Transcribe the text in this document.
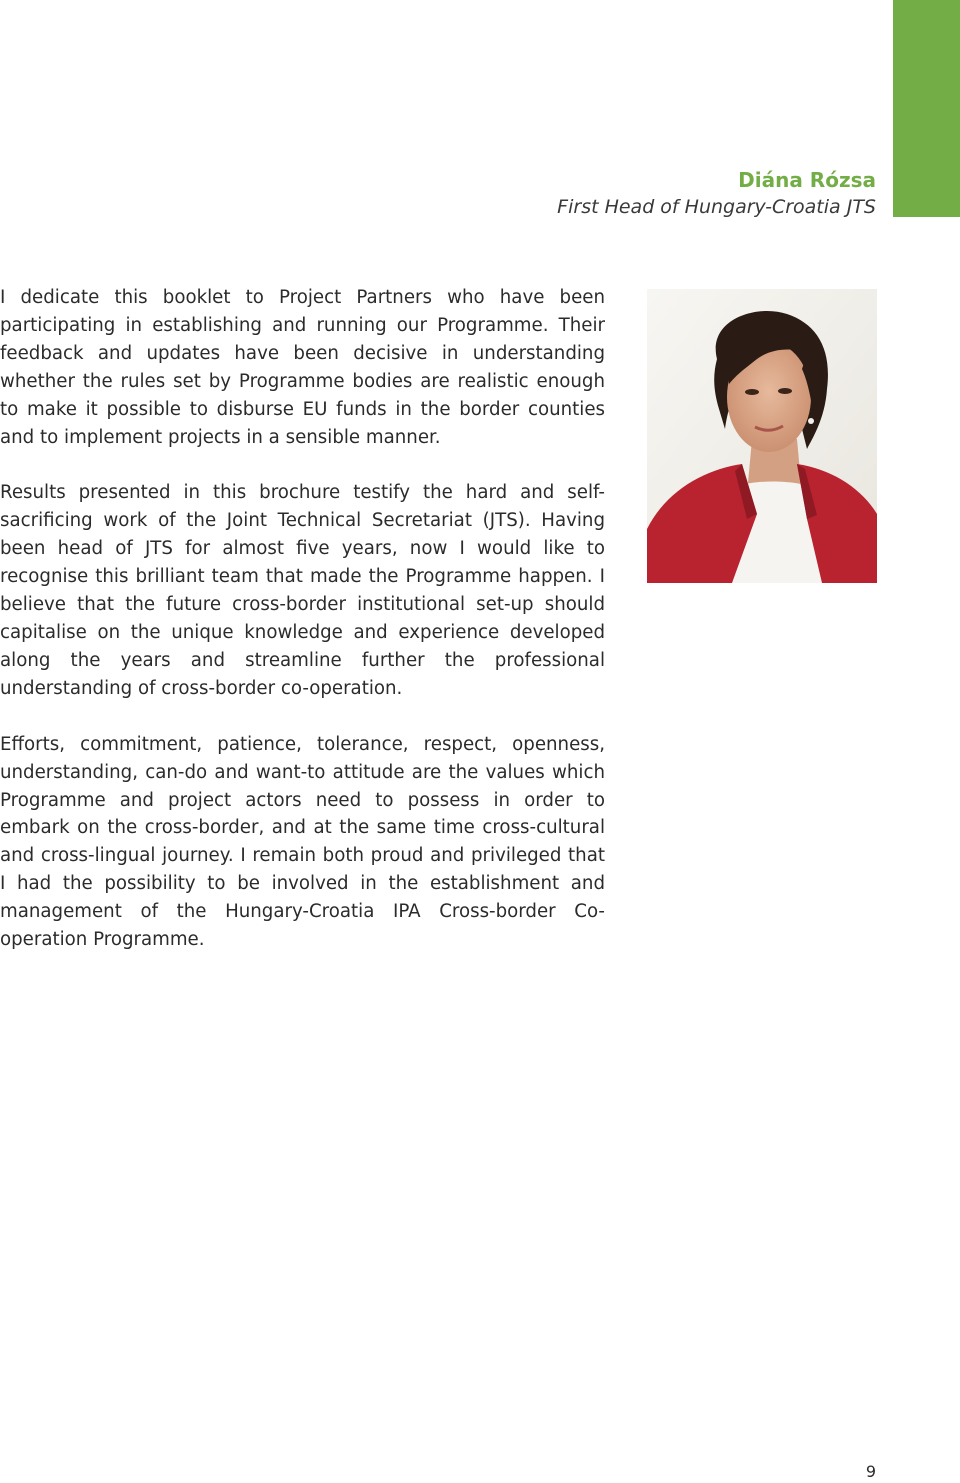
Diána Rózsa
First Head of Hungary-Croatia JTS

I dedicate this booklet to Project Partners who have been participating in establishing and running our Programme. Their feedback and updates have been decisive in understanding whether the rules set by Programme bodies are realistic enough to make it possible to disburse EU funds in the border counties and to implement projects in a sensible manner.

Results presented in this brochure testify the hard and self-sacrificing work of the Joint Technical Secretariat (JTS). Having been head of JTS for almost five years, now I would like to recognise this brilliant team that made the Programme happen. I believe that the future cross-border institutional set-up should capitalise on the unique knowledge and experience developed along the years and streamline further the professional understanding of cross-border co-operation.

Efforts, commitment, patience, tolerance, respect, openness, understanding, can-do and want-to attitude are the values which Programme and project actors need to possess in order to embark on the cross-border, and at the same time cross-cultural and cross-lingual journey. I remain both proud and privileged that I had the possibility to be involved in the establishment and management of the Hungary-Croatia IPA Cross-border Co-operation Programme.

9
